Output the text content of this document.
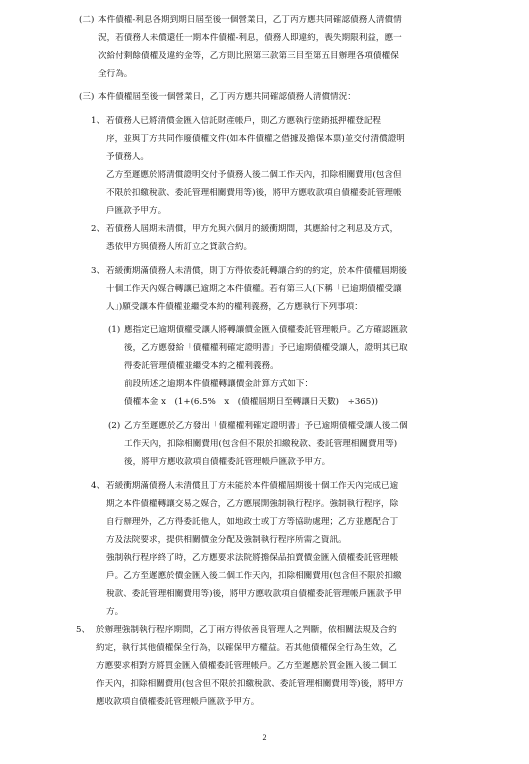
(二) 本件債權-利息各期到期日屆至後一個營業日，乙丁丙方應共同確認債務人清償情
況，若債務人未償還任一期本件債權-利息，債務人即違約，喪失期限利益，應一
次給付剩餘債權及違約金等，乙方則比照第三款第三目至第五目辦理各項債權保
全行為。
(三) 本件債權屆至後一個營業日，乙丁丙方應共同確認債務人清償情況：
1、 若債務人已將清償金匯入信託財產帳戶，則乙方應執行塗銷抵押權登記程
序，並與丁方共同作廢債權文件(如本件債權之借據及擔保本票)並交付清償證明
予債務人。
乙方至遲應於將清償證明交付予債務人後二個工作天內，扣除相關費用(包含但
不限於扣繳稅款、委託管理相關費用等)後，將甲方應收款項自債權委託管理帳
戶匯款予甲方。
2、 若債務人屆期未清償，甲方允與六個月的緩衝期間，其應給付之利息及方式，
悉依甲方與債務人所訂立之貸款合約。
3、 若緩衝期滿債務人未清償，則丁方得依委託轉讓合約的約定，於本件債權屆期後
十個工作天內媒合轉讓已逾期之本件債權。若有第三人(下稱「已逾期債權受讓
人」)願受讓本件債權並繼受本約的權利義務，乙方應執行下列事項：
(1) 應指定已逾期債權受讓人將轉讓價金匯入債權委託管理帳戶。乙方確認匯款
後，乙方應發給「債權權利確定證明書」予已逾期債權受讓人，證明其已取
得委託管理債權並繼受本約之權利義務。
前段所述之逾期本件債權轉讓價金計算方式如下：
債權本金 x　(1+(6.5%　x　(債權屆期日至轉讓日天數)　÷365))
(2) 乙方至遲應於乙方發出「債權權利確定證明書」予已逾期債權受讓人後二個
工作天內，扣除相關費用(包含但不限於扣繳稅款、委託管理相關費用等)
後，將甲方應收款項自債權委託管理帳戶匯款予甲方。
4、 若緩衝期滿債務人未清償且丁方未能於本件債權屆期後十個工作天內完成已逾
期之本件債權轉讓交易之媒合，乙方應展開強制執行程序。強制執行程序，除
自行辦理外，乙方得委託他人，如地政士或丁方等協助處理；乙方並應配合丁
方及法院要求，提供相關價金分配及強制執行程序所需之資訊。
強制執行程序終了時，乙方應要求法院將擔保品拍賣價金匯入債權委託管理帳
戶。乙方至遲應於價金匯入後二個工作天內，扣除相關費用(包含但不限於扣繳
稅款、委託管理相關費用等)後，將甲方應收款項自債權委託管理帳戶匯款予甲
方。
5、 於辦理強制執行程序期間，乙丁兩方得依善良管理人之判斷，依相關法規及合約
約定，執行其他債權保全行為，以確保甲方權益。若其他債權保全行為生效，乙
方應要求相對方將買金匯入債權委託管理帳戶。乙方至遲應於買金匯入後二個工
作天內，扣除相關費用(包含但不限於扣繳稅款、委託管理相關費用等)後，將甲方
應收款項自債權委託管理帳戶匯款予甲方。
2
